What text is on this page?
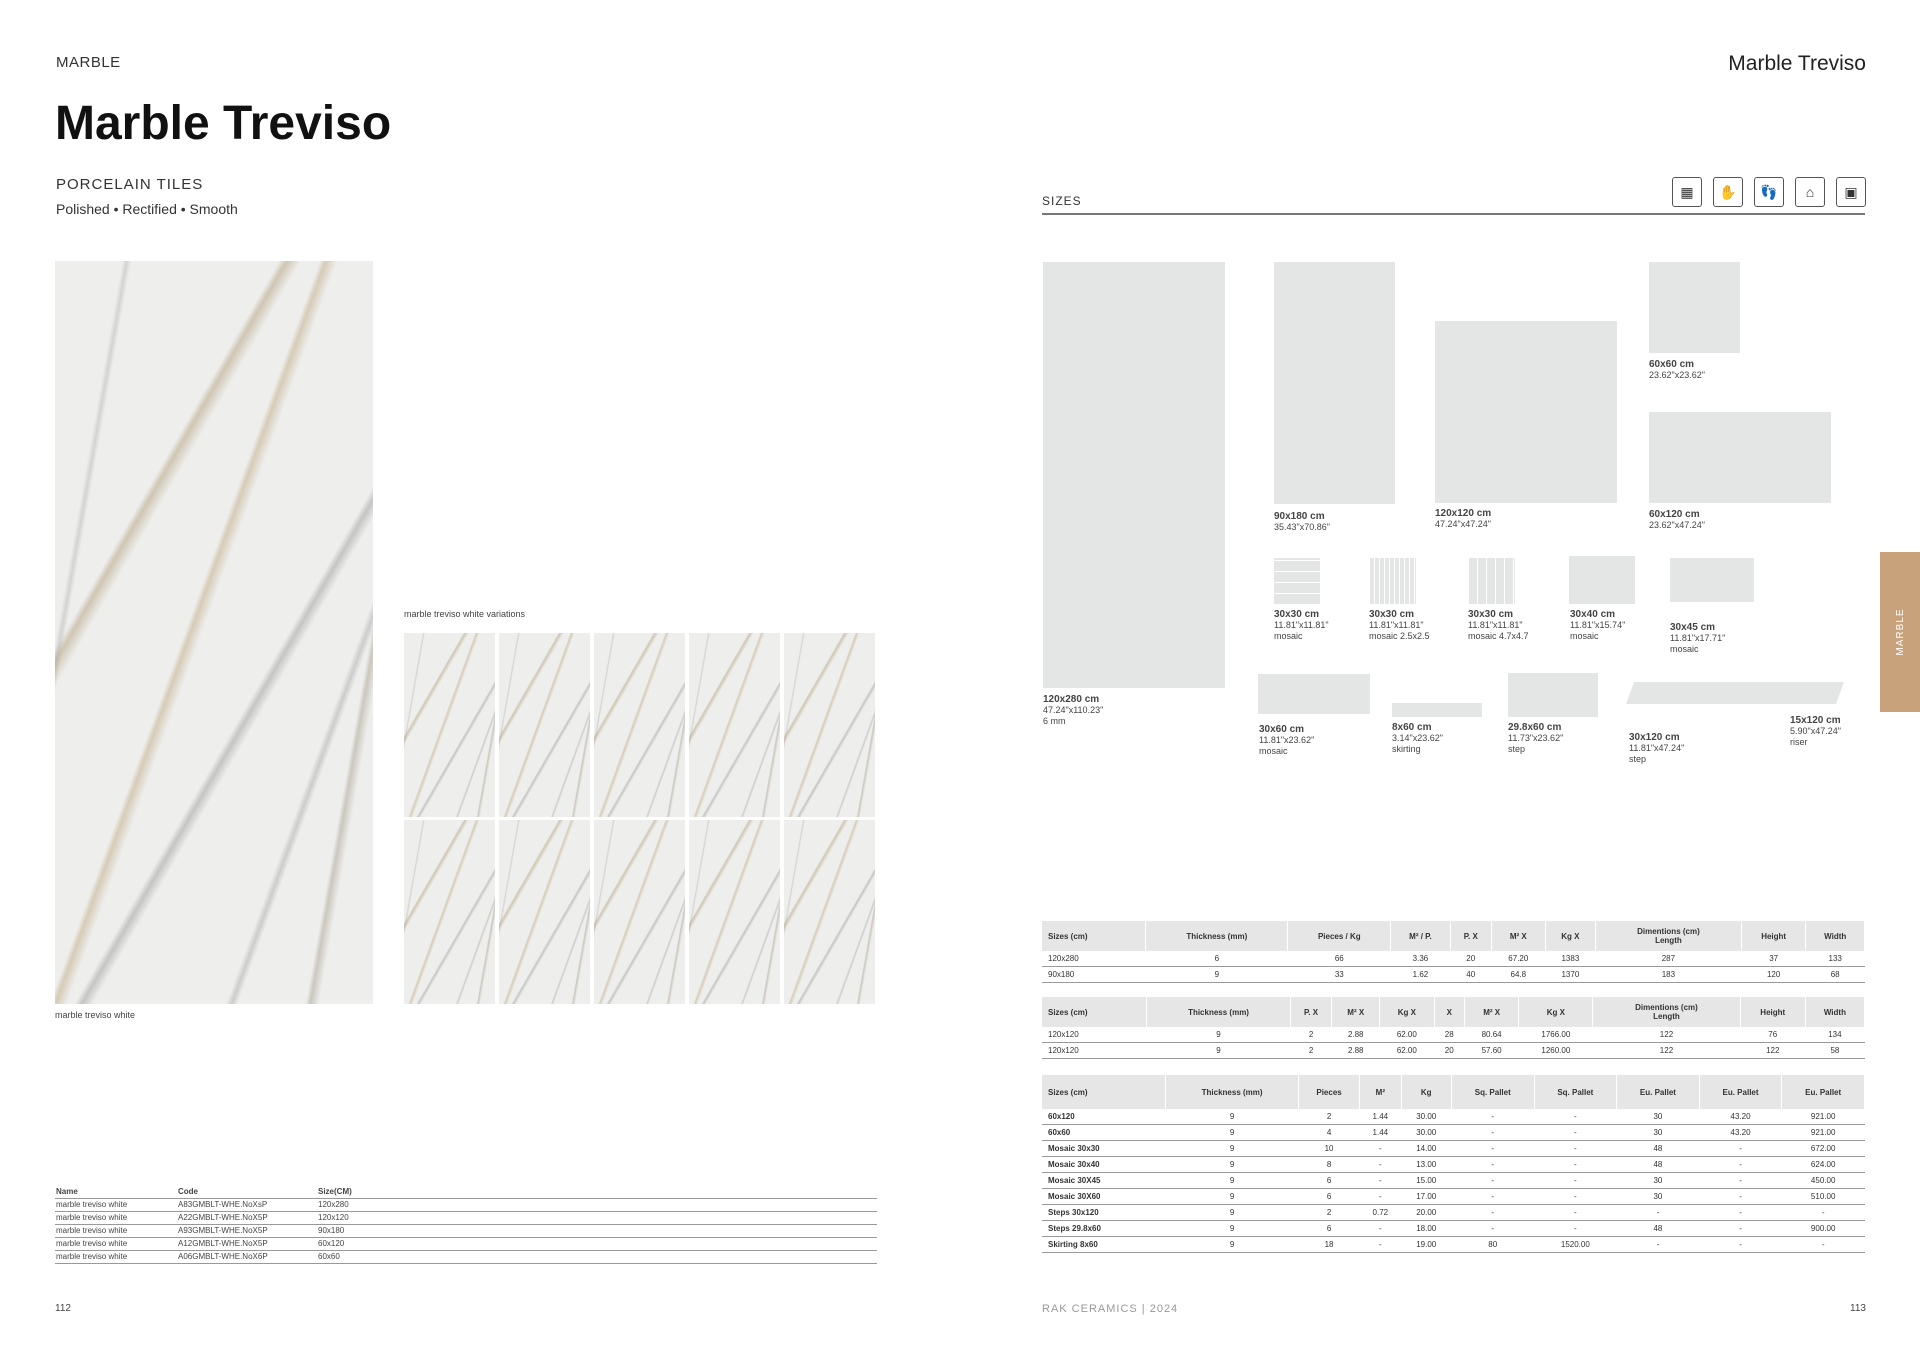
MARBLE
Marble Treviso
PORCELAIN TILES
Polished • Rectified • Smooth
marble treviso white
marble treviso white variations
Name	Code	Size(CM)
marble treviso white	A83GMBLT-WHE.NoXsP	120x280
marble treviso white	A22GMBLT-WHE.NoX5P	120x120
marble treviso white	A93GMBLT-WHE.NoX5P	90x180
marble treviso white	A12GMBLT-WHE.NoX5P	60x120
marble treviso white	A06GMBLT-WHE.NoX6P	60x60
112
Marble Treviso
SIZES
▦	✋	👣	⌂	▣
MARBLE
120x280 cm
47.24"x110.23"
6 mm
90x180 cm
35.43"x70.86"
120x120 cm
47.24"x47.24"
60x60 cm
23.62"x23.62"
60x120 cm
23.62"x47.24"
30x30 cm
11.81"x11.81"
mosaic
30x30 cm
11.81"x11.81"
mosaic 2.5x2.5
30x30 cm
11.81"x11.81"
mosaic 4.7x4.7
30x40 cm
11.81"x15.74"
mosaic
30x45 cm
11.81"x17.71"
mosaic
30x60 cm
11.81"x23.62"
mosaic
8x60 cm
3.14"x23.62"
skirting
29.8x60 cm
11.73"x23.62"
step
30x120 cm
11.81"x47.24"
step
15x120 cm
5.90"x47.24"
riser
Sizes (cm)	Thickness (mm)	Pieces / Kg	M² / P.	P. X	M² X	Kg X	Dimentions (cm)
Length	Height	Width
120x280	6	66	3.36	20	67.20	1383	287	37	133
90x180	9	33	1.62	40	64.8	1370	183	120	68
Sizes (cm)	Thickness (mm)	P. X	M² X	Kg X	X	M² X	Kg X	Dimentions (cm)
Length	Height	Width
120x120	9	2	2.88	62.00	28	80.64	1766.00	122	76	134
120x120	9	2	2.88	62.00	20	57.60	1260.00	122	122	58
Sizes (cm)	Thickness (mm)	Pieces	M²	Kg	Sq. Pallet	Sq. Pallet	Eu. Pallet	Eu. Pallet	Eu. Pallet
60x120	9	2	1.44	30.00	-	-	30	43.20	921.00
60x60	9	4	1.44	30.00	-	-	30	43.20	921.00
Mosaic 30x30	9	10	-	14.00	-	-	48	-	672.00
Mosaic 30x40	9	8	-	13.00	-	-	48	-	624.00
Mosaic 30X45	9	6	-	15.00	-	-	30	-	450.00
Mosaic 30X60	9	6	-	17.00	-	-	30	-	510.00
Steps 30x120	9	2	0.72	20.00	-	-	-	-	-
Steps 29.8x60	9	6	-	18.00	-	-	48	-	900.00
Skirting 8x60	9	18	-	19.00	80	1520.00	-	-	-
RAK CERAMICS | 2024	113
